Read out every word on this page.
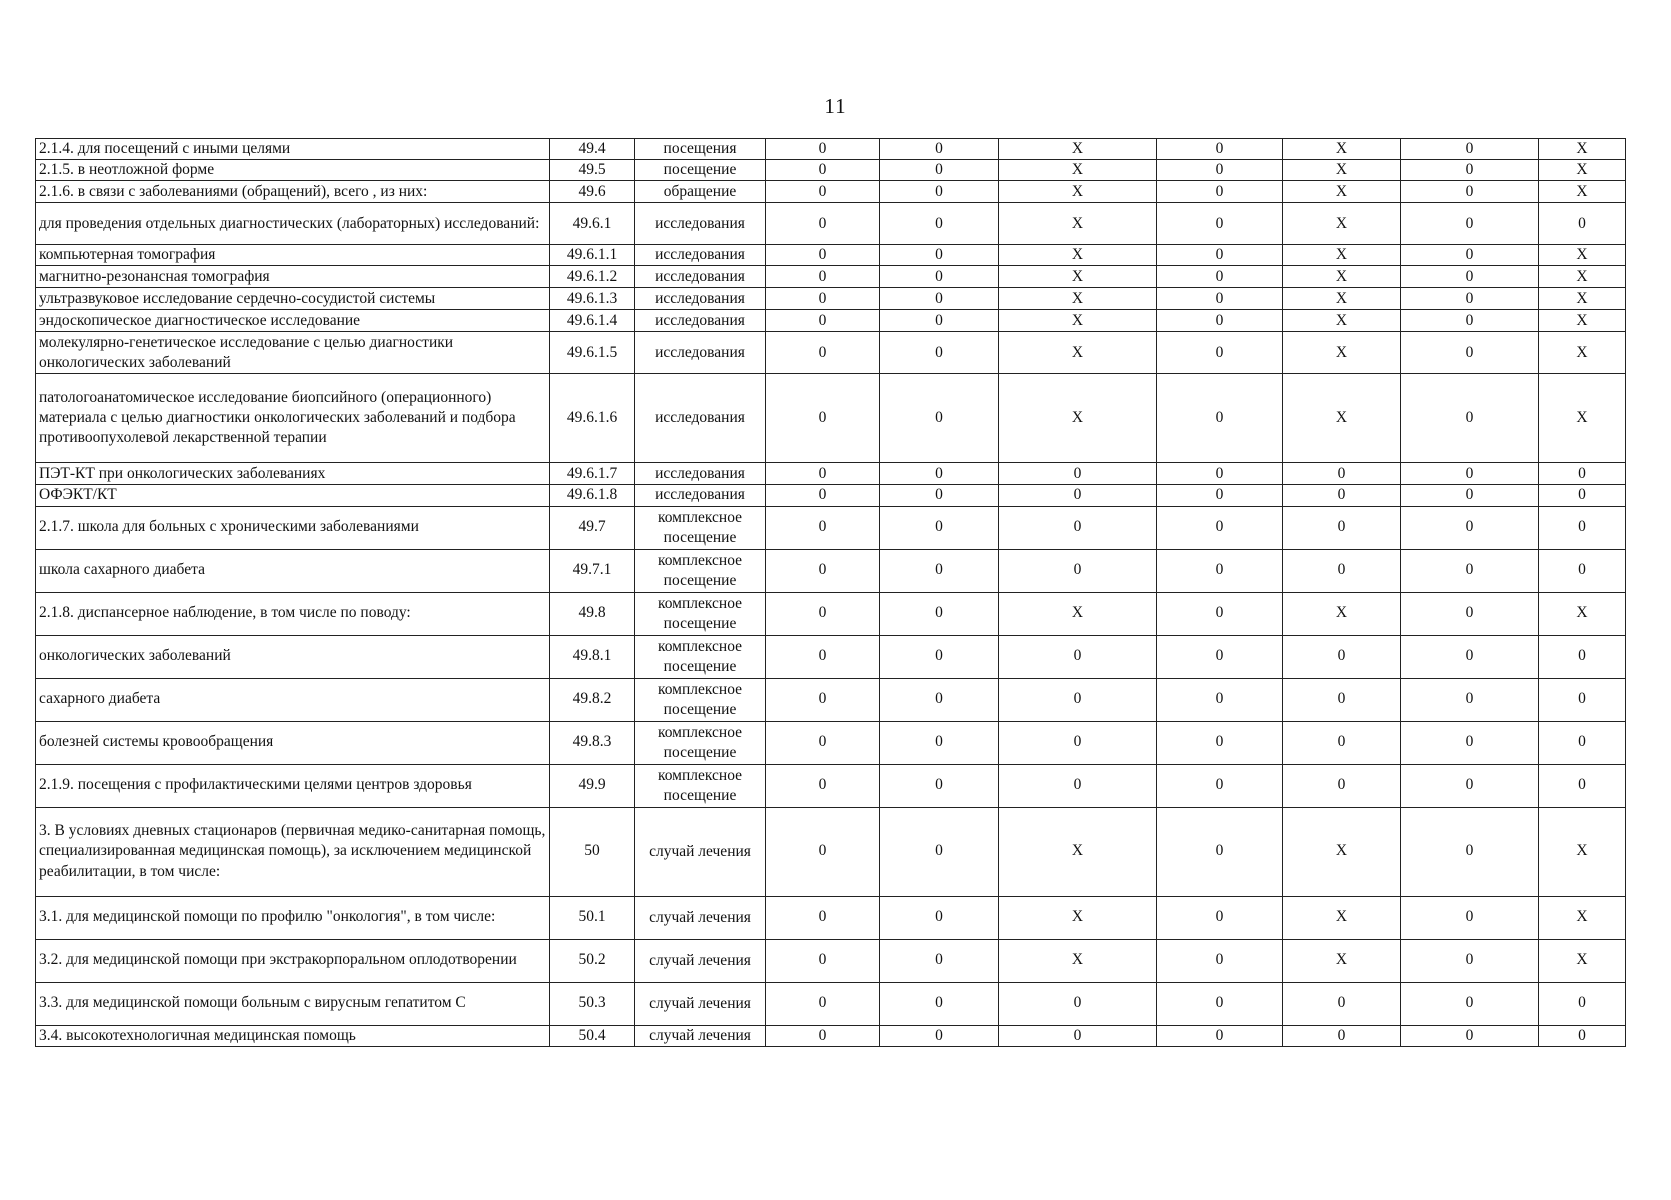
11
2.1.4. для посещений с иными целями	49.4	посещения	0	0	X	0	X	0	X
2.1.5. в неотложной форме	49.5	посещение	0	0	X	0	X	0	X
2.1.6. в связи с заболеваниями (обращений), всего , из них:	49.6	обращение	0	0	X	0	X	0	X
для проведения отдельных диагностических (лабораторных) исследований:	49.6.1	исследования	0	0	X	0	X	0	0
компьютерная томография	49.6.1.1	исследования	0	0	X	0	X	0	X
магнитно-резонансная томография	49.6.1.2	исследования	0	0	X	0	X	0	X
ультразвуковое исследование сердечно-сосудистой системы	49.6.1.3	исследования	0	0	X	0	X	0	X
эндоскопическое диагностическое исследование	49.6.1.4	исследования	0	0	X	0	X	0	X
молекулярно-генетическое исследование с целью диагностики онкологических заболеваний	49.6.1.5	исследования	0	0	X	0	X	0	X
патологоанатомическое исследование биопсийного (операционного) материала с целью диагностики онкологических заболеваний и подбора противоопухолевой лекарственной терапии	49.6.1.6	исследования	0	0	X	0	X	0	X
ПЭТ-КТ при онкологических заболеваниях	49.6.1.7	исследования	0	0	0	0	0	0	0
ОФЭКТ/КТ	49.6.1.8	исследования	0	0	0	0	0	0	0
2.1.7. школа для больных с хроническими заболеваниями	49.7	комплексное посещение	0	0	0	0	0	0	0
школа сахарного диабета	49.7.1	комплексное посещение	0	0	0	0	0	0	0
2.1.8. диспансерное наблюдение, в том числе по поводу:	49.8	комплексное посещение	0	0	X	0	X	0	X
онкологических заболеваний	49.8.1	комплексное посещение	0	0	0	0	0	0	0
сахарного диабета	49.8.2	комплексное посещение	0	0	0	0	0	0	0
болезней системы кровообращения	49.8.3	комплексное посещение	0	0	0	0	0	0	0
2.1.9. посещения с профилактическими целями центров здоровья	49.9	комплексное посещение	0	0	0	0	0	0	0
3. В условиях дневных стационаров (первичная медико-санитарная помощь, специализированная медицинская помощь), за исключением медицинской реабилитации, в том числе:	50	случай лечения	0	0	X	0	X	0	X
3.1. для медицинской помощи по профилю "онкология", в том числе:	50.1	случай лечения	0	0	X	0	X	0	X
3.2. для медицинской помощи при экстракорпоральном оплодотворении	50.2	случай лечения	0	0	X	0	X	0	X
3.3. для медицинской помощи больным с вирусным гепатитом С	50.3	случай лечения	0	0	0	0	0	0	0
3.4. высокотехнологичная медицинская помощь	50.4	случай лечения	0	0	0	0	0	0	0
